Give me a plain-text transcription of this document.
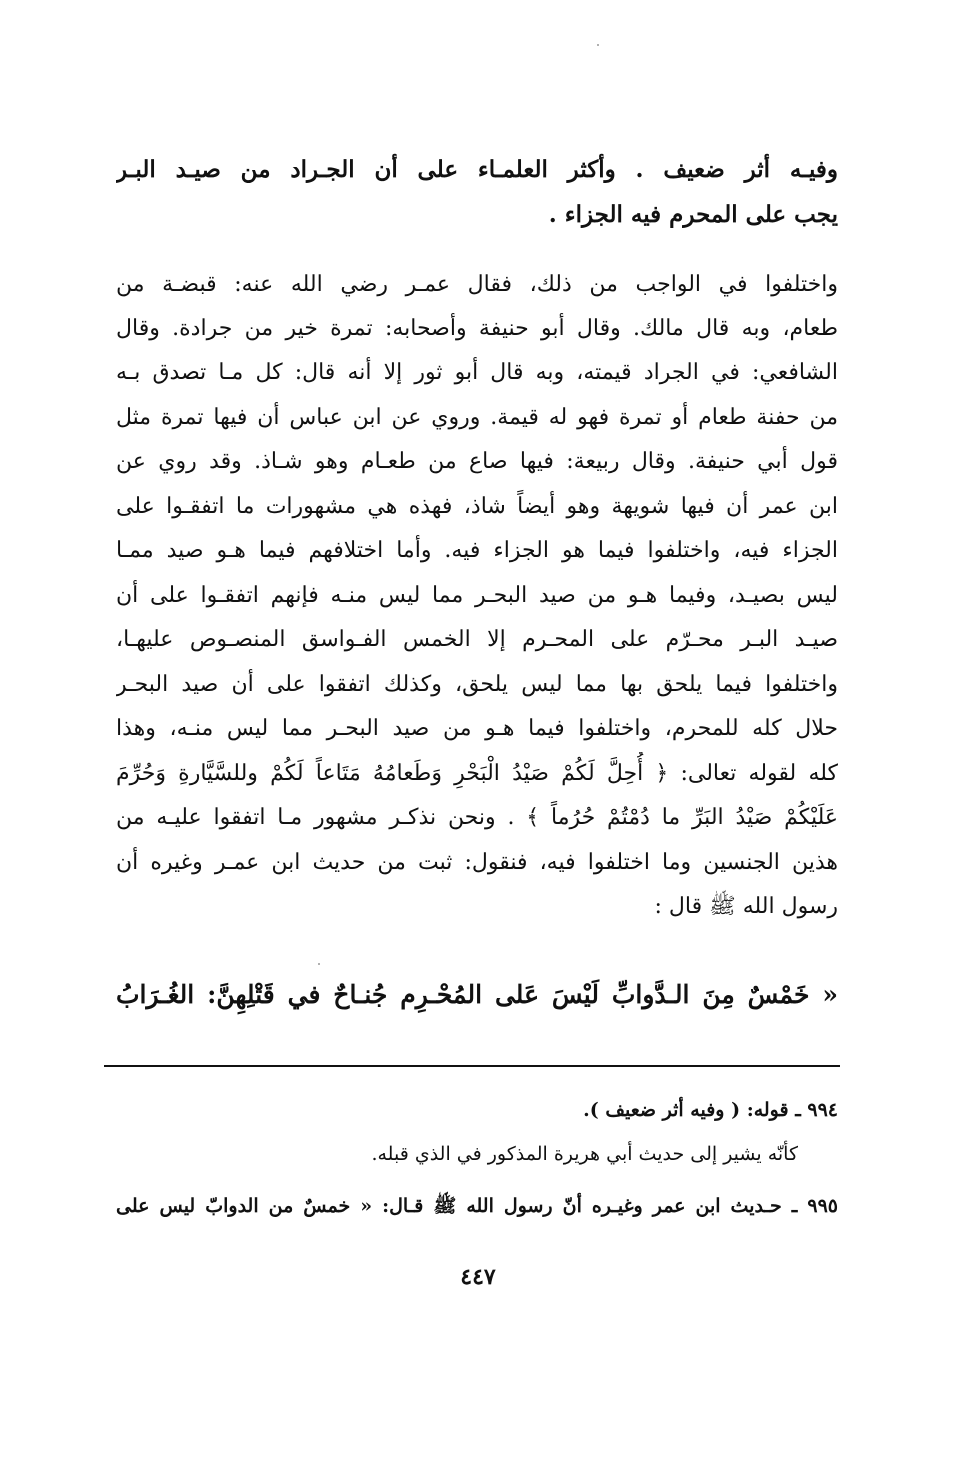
وفيـه أثر ضعيف . وأكثر العلمـاء على أن الجـراد من صيـد البـر
يجب على المحرم فيه الجزاء .
واختلفوا في الواجب من ذلك، فقال عمـر رضي الله عنه: قبضـة من
طعام، وبه قال مالك. وقال أبو حنيفة وأصحابه: تمرة خير من جرادة. وقال
الشافعي: في الجراد قيمته، وبه قال أبو ثور إلا أنه قال: كل مـا تصدق بـه
من حفنة طعام أو تمرة فهو له قيمة. وروي عن ابن عباس أن فيها تمرة مثل
قول أبي حنيفة. وقال ربيعة: فيها صاع من طعـام وهو شـاذ. وقد روي عن
ابن عمر أن فيها شويهة وهو أيضاً شاذ، فهذه هي مشهورات ما اتفقـوا على
الجزاء فيه، واختلفوا فيما هو الجزاء فيه. وأما اختلافهم فيما هـو صيد ممـا
ليس بصيـد، وفيما هـو من صيد البحـر مما ليس منـه فإنهم اتفقـوا على أن
صيـد البـر محـرّم على المحـرم إلا الخمس الفـواسق المنصـوص عليهـا،
واختلفوا فيما يلحق بها مما ليس يلحق، وكذلك اتفقوا على أن صيد البحـر
حلال كله للمحرم، واختلفوا فيما هـو من صيد البحـر مما ليس منـه، وهذا
كله لقوله تعالى: ﴿ أُحِلَّ لَكُمْ صَيْدُ الْبَحْرِ وَطَعامُهُ مَتَاعاً لَكُمْ وللسَّيَّارةِ وَحُرِّمَ
عَلَيْكُمْ صَيْدُ البَرِّ ما دُمْتُمْ حُرُماً ﴾ . ونحن نذكـر مشهور مـا اتفقوا عليـه من
هذين الجنسين وما اختلفوا فيه، فنقول: ثبت من حديث ابن عمـر وغيره أن
رسول الله ﷺ قال :
« خَمْسٌ مِنَ الـدَّوابِّ لَيْسَ عَلى المُحْـرِم جُنـاحٌ في قَتْلِهِنَّ: الغُـرَابُ
٩٩٤ ـ قوله: ( وفيه أثر ضعيف ).
كأنّه يشير إلى حديث أبي هريرة المذكور في الذي قبله.
٩٩٥ ـ حـديث ابن عمر وغيـره أنّ رسول الله ﷺ قـال: « خمسٌ من الدوابّ ليس على
٤٤٧
